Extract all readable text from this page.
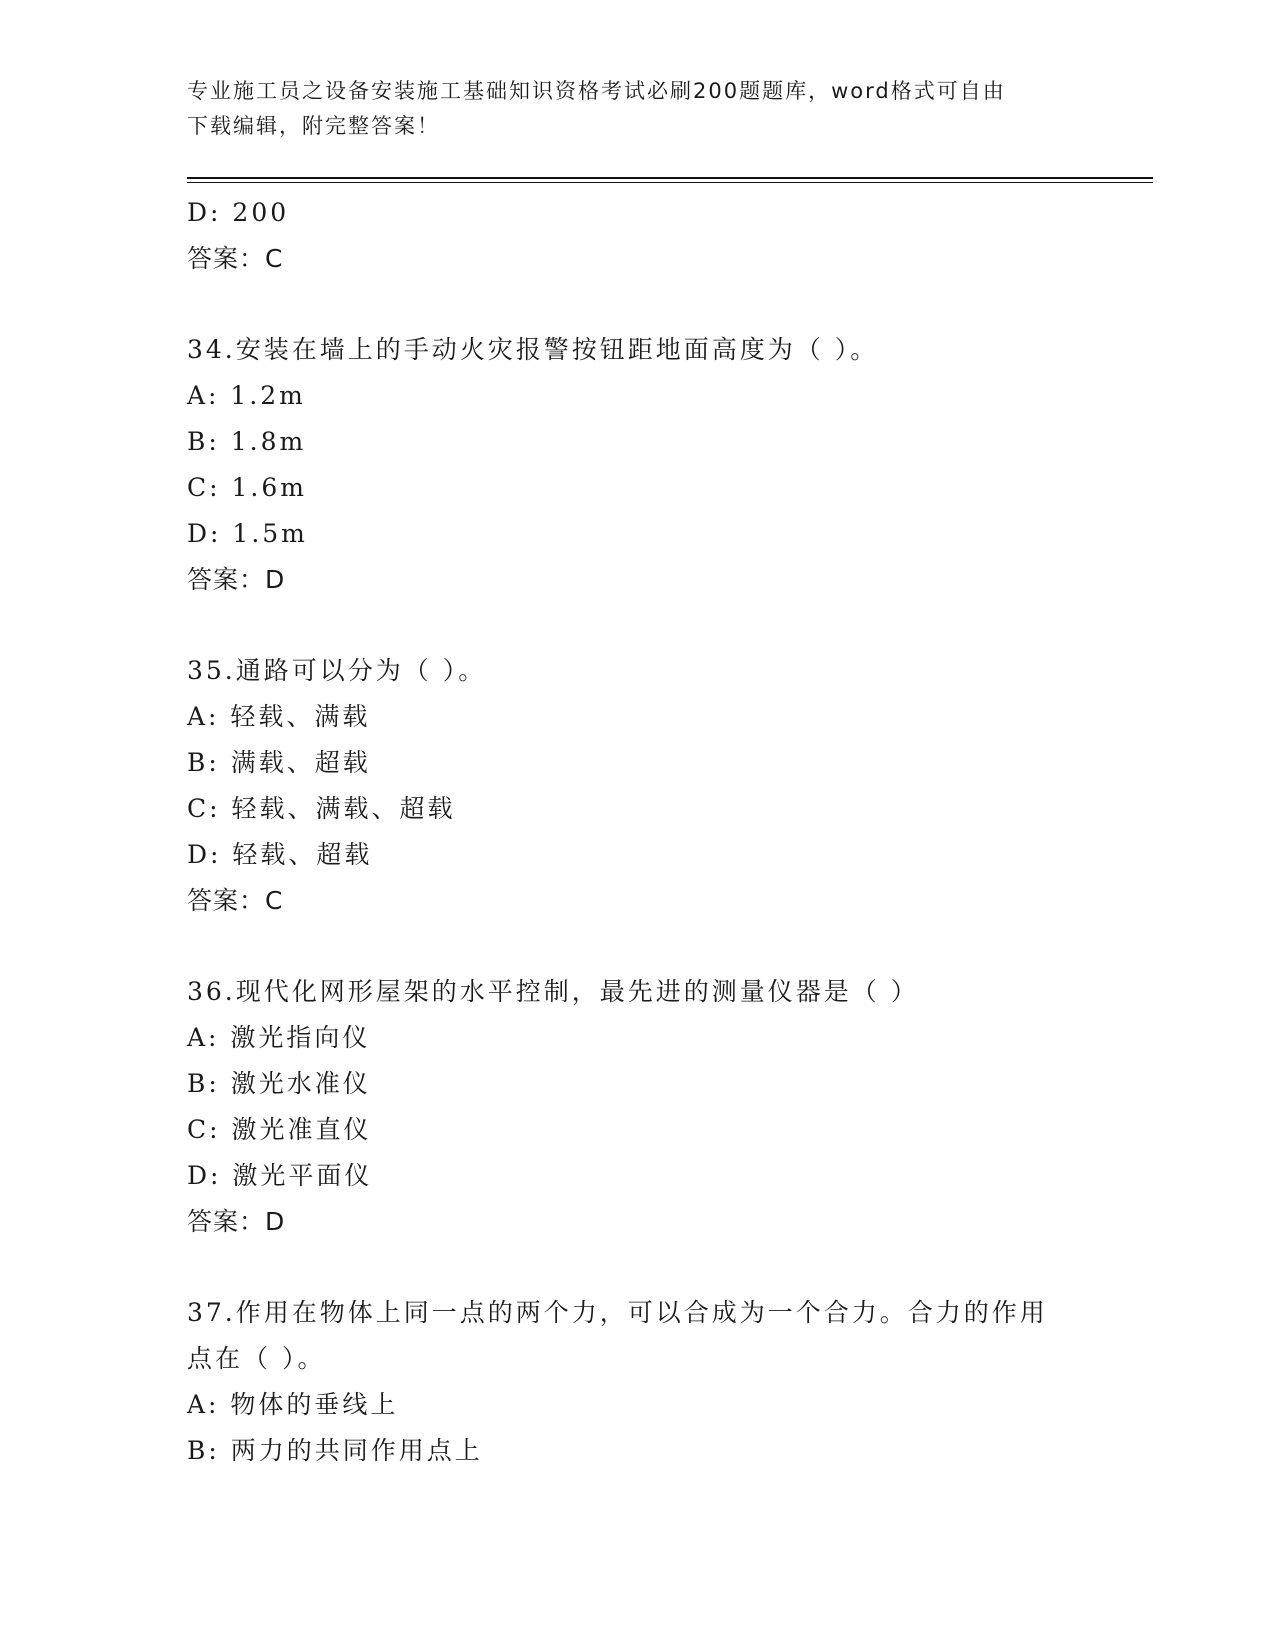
专业施工员之设备安装施工基础知识资格考试必刷200题题库，word格式可自由
下载编辑，附完整答案！
D: 200
答案：C
34.安装在墙上的手动火灾报警按钮距地面高度为（ ）。
A: 1.2m
B: 1.8m
C: 1.6m
D: 1.5m
答案：D
35.通路可以分为（ ）。
A: 轻载、满载
B: 满载、超载
C: 轻载、满载、超载
D: 轻载、超载
答案：C
36.现代化网形屋架的水平控制，最先进的测量仪器是（ ）
A: 激光指向仪
B: 激光水准仪
C: 激光准直仪
D: 激光平面仪
答案：D
37.作用在物体上同一点的两个力，可以合成为一个合力。合力的作用
点在（ ）。
A: 物体的垂线上
B: 两力的共同作用点上
